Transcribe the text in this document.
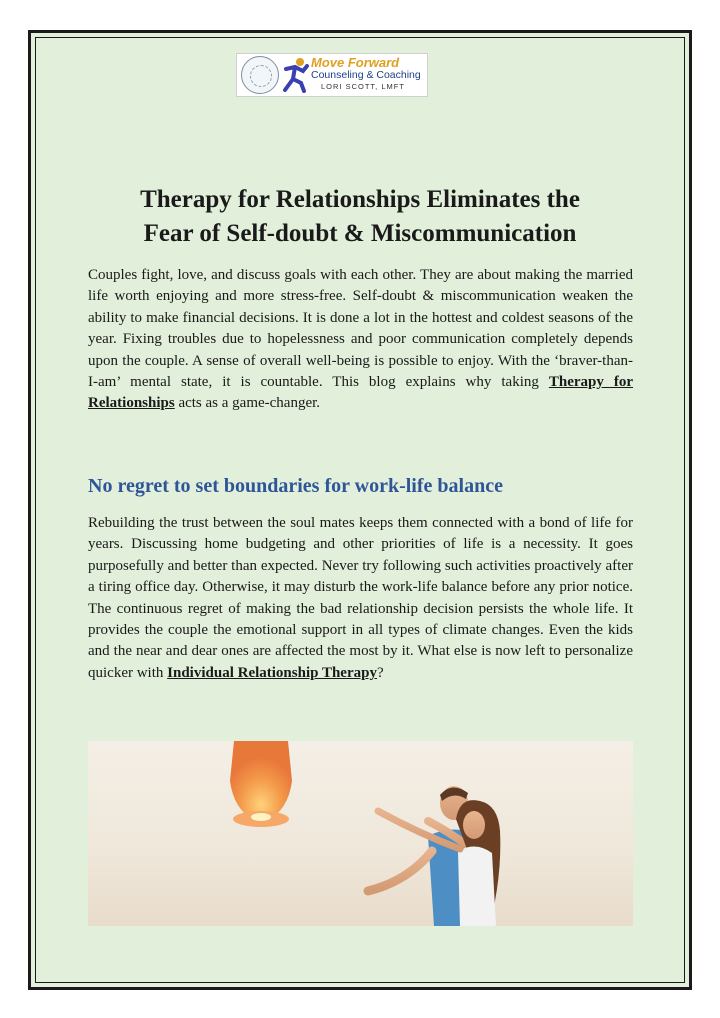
Move Forward
Counseling & Coaching
LORI SCOTT, LMFT
Therapy for Relationships Eliminates the
Fear of Self-doubt & Miscommunication

Couples fight, love, and discuss goals with each other. They are about making the married life worth enjoying and more stress-free. Self-doubt & miscommunication weaken the ability to make financial decisions. It is done a lot in the hottest and coldest seasons of the year. Fixing troubles due to hopelessness and poor communication completely depends upon the couple. A sense of overall well-being is possible to enjoy. With the ‘braver-than-I-am’ mental state, it is countable. This blog explains why taking Therapy for Relationships acts as a game-changer.

No regret to set boundaries for work-life balance

Rebuilding the trust between the soul mates keeps them connected with a bond of life for years. Discussing home budgeting and other priorities of life is a necessity. It goes purposefully and better than expected. Never try following such activities proactively after a tiring office day. Otherwise, it may disturb the work-life balance before any prior notice. The continuous regret of making the bad relationship decision persists the whole life. It provides the couple the emotional support in all types of climate changes. Even the kids and the near and dear ones are affected the most by it. What else is now left to personalize quicker with Individual Relationship Therapy?
